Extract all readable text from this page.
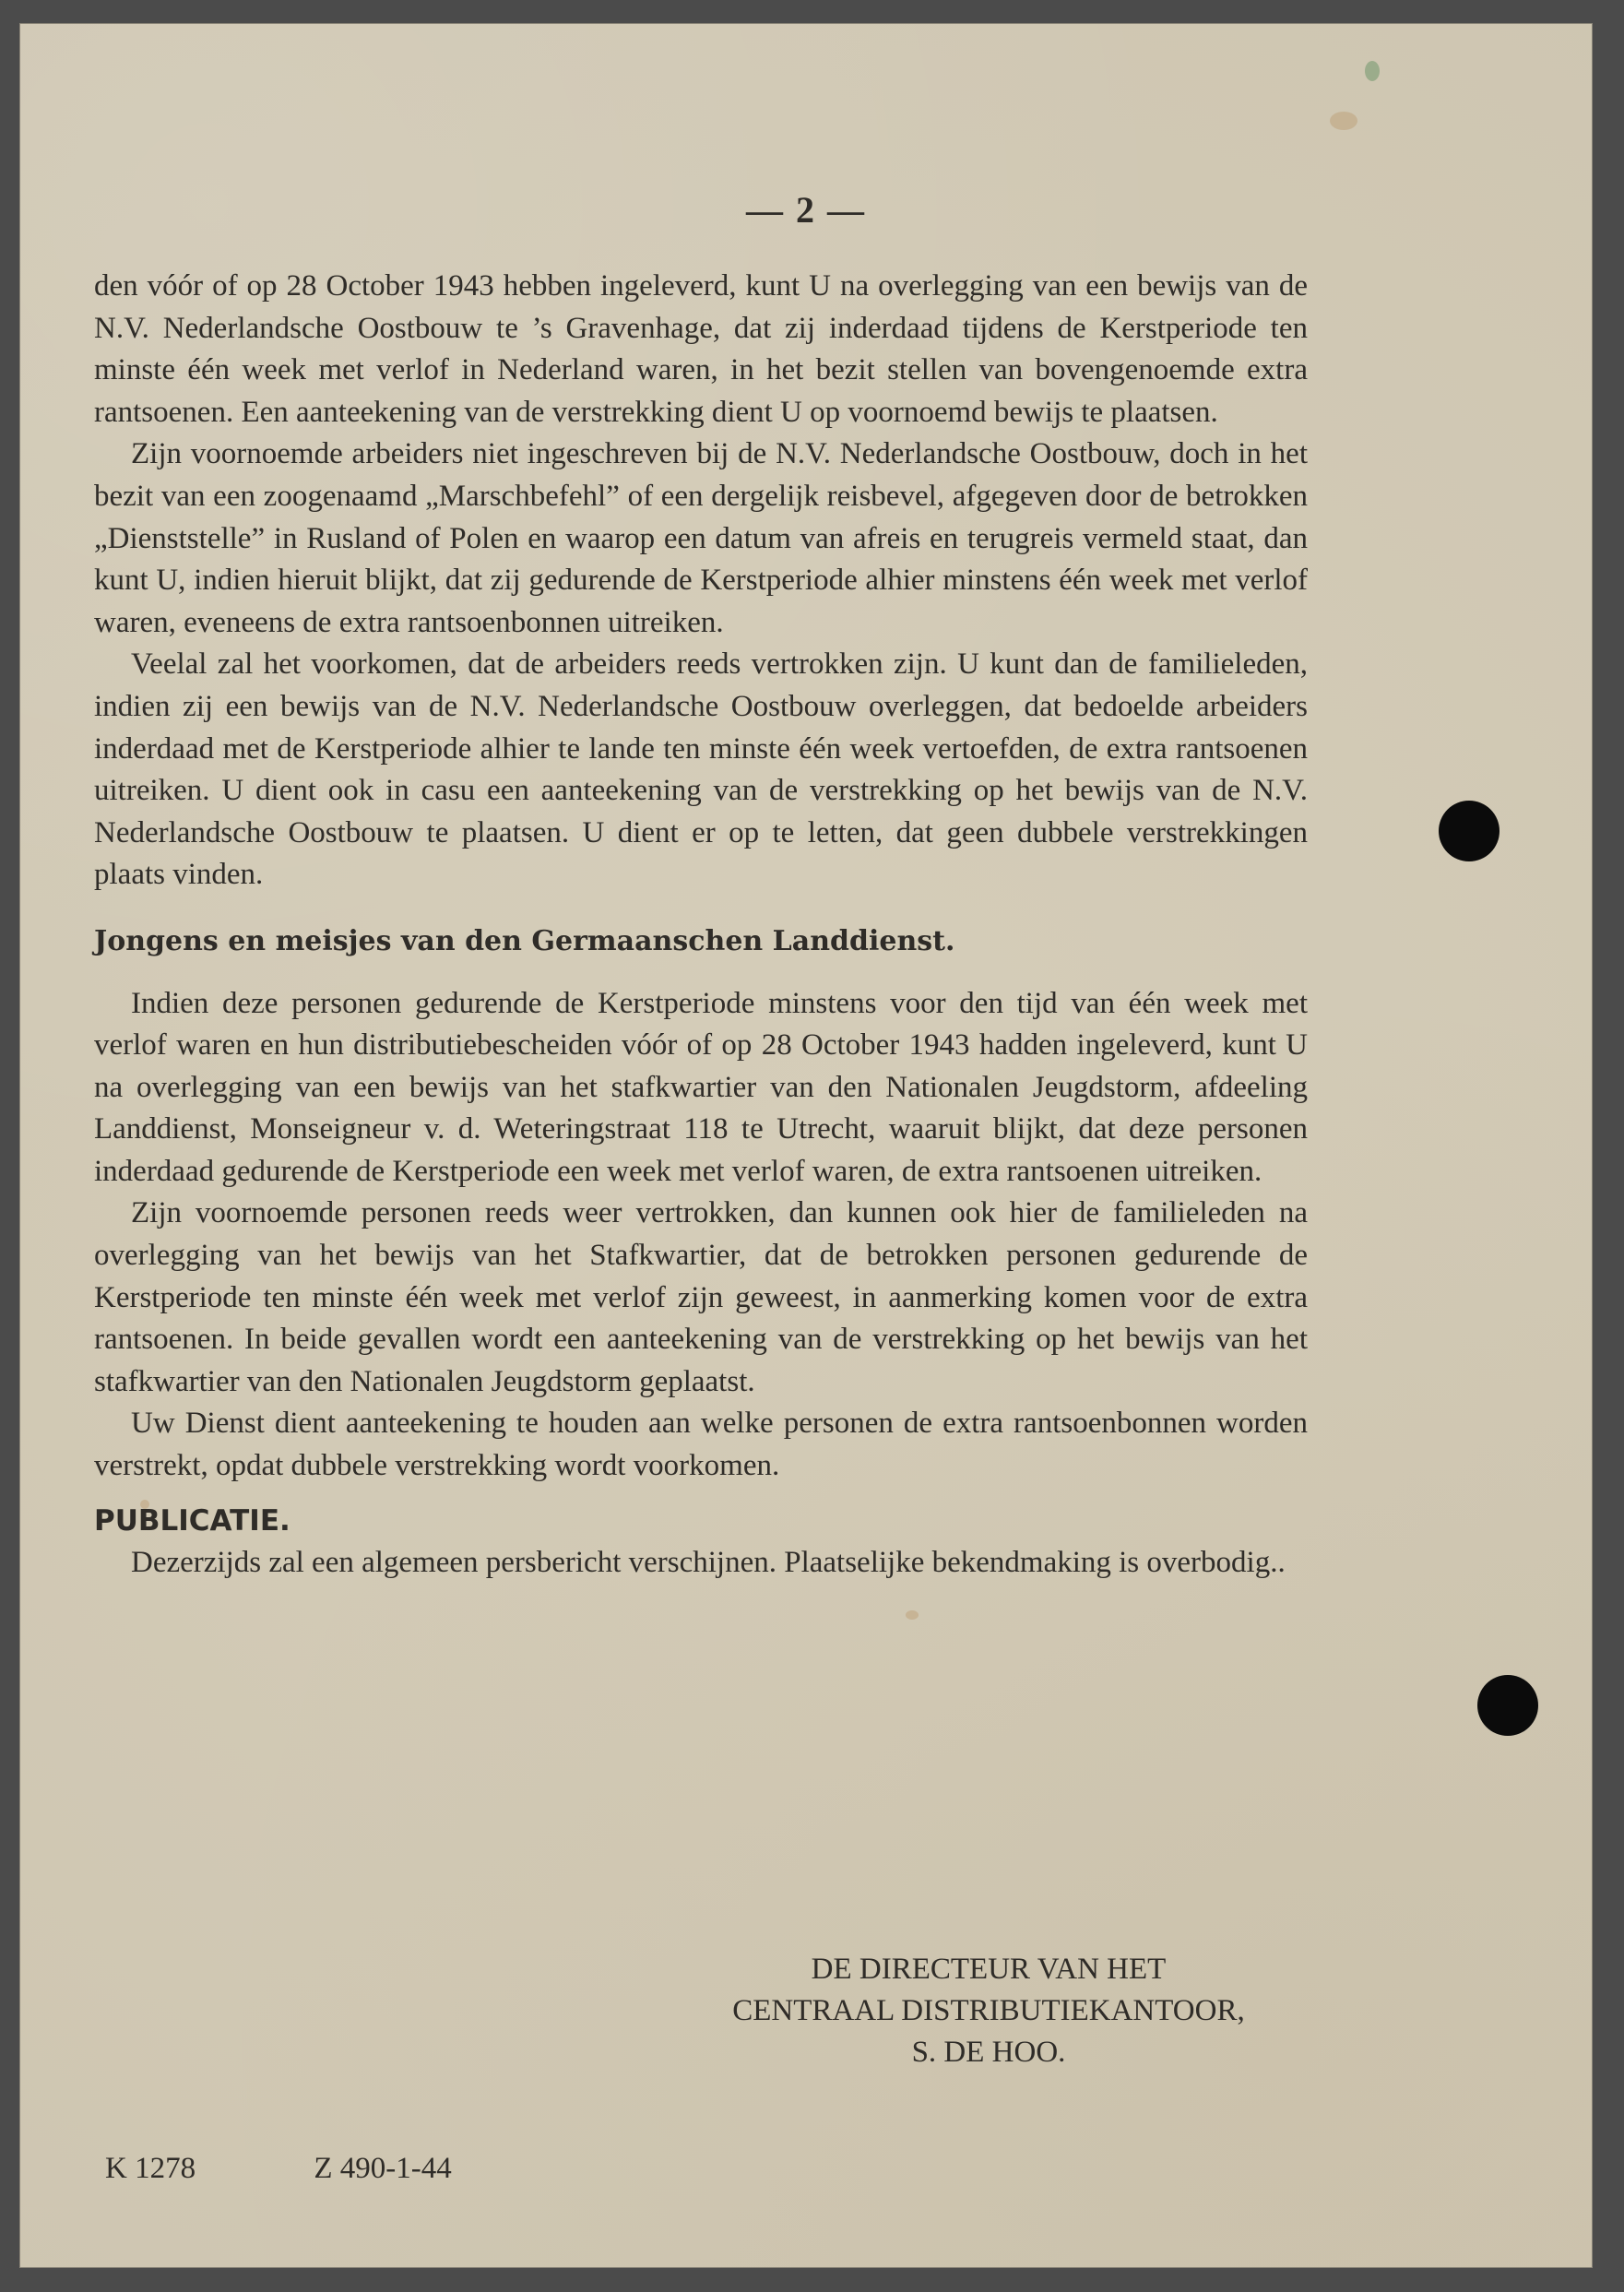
— 2 —

den vóór of op 28 October 1943 hebben ingeleverd, kunt U na overlegging van een bewijs van de N.V. Nederlandsche Oostbouw te ’s Gravenhage, dat zij inderdaad tijdens de Kerstperiode ten minste één week met verlof in Nederland waren, in het bezit stellen van bovengenoemde extra rantsoenen. Een aanteekening van de verstrekking dient U op voornoemd bewijs te plaatsen.

Zijn voornoemde arbeiders niet ingeschreven bij de N.V. Nederlandsche Oostbouw, doch in het bezit van een zoogenaamd „Marschbefehl” of een dergelijk reisbevel, afgegeven door de betrokken „Dienststelle” in Rusland of Polen en waarop een datum van afreis en terugreis vermeld staat, dan kunt U, indien hieruit blijkt, dat zij gedurende de Kerstperiode alhier minstens één week met verlof waren, eveneens de extra rantsoenbonnen uitreiken.

Veelal zal het voorkomen, dat de arbeiders reeds vertrokken zijn. U kunt dan de familieleden, indien zij een bewijs van de N.V. Nederlandsche Oostbouw overleggen, dat bedoelde arbeiders inderdaad met de Kerstperiode alhier te lande ten minste één week vertoefden, de extra rantsoenen uitreiken. U dient ook in casu een aanteekening van de verstrekking op het bewijs van de N.V. Nederlandsche Oostbouw te plaatsen. U dient er op te letten, dat geen dubbele verstrekkingen plaats vinden.

Jongens en meisjes van den Germaanschen Landdienst.

Indien deze personen gedurende de Kerstperiode minstens voor den tijd van één week met verlof waren en hun distributiebescheiden vóór of op 28 October 1943 hadden ingeleverd, kunt U na overlegging van een bewijs van het stafkwartier van den Nationalen Jeugdstorm, afdeeling Landdienst, Monseigneur v. d. Weteringstraat 118 te Utrecht, waaruit blijkt, dat deze personen inderdaad gedurende de Kerstperiode een week met verlof waren, de extra rantsoenen uitreiken.

Zijn voornoemde personen reeds weer vertrokken, dan kunnen ook hier de familieleden na overlegging van het bewijs van het Stafkwartier, dat de betrokken personen gedurende de Kerstperiode ten minste één week met verlof zijn geweest, in aanmerking komen voor de extra rantsoenen. In beide gevallen wordt een aanteekening van de verstrekking op het bewijs van het stafkwartier van den Nationalen Jeugdstorm geplaatst.

Uw Dienst dient aanteekening te houden aan welke personen de extra rantsoenbonnen worden verstrekt, opdat dubbele verstrekking wordt voorkomen.

PUBLICATIE.

Dezerzijds zal een algemeen persbericht verschijnen. Plaatselijke bekendmaking is overbodig..

DE DIRECTEUR VAN HET
CENTRAAL DISTRIBUTIEKANTOOR,
S. DE HOO.
K 1278	Z 490-1-44
